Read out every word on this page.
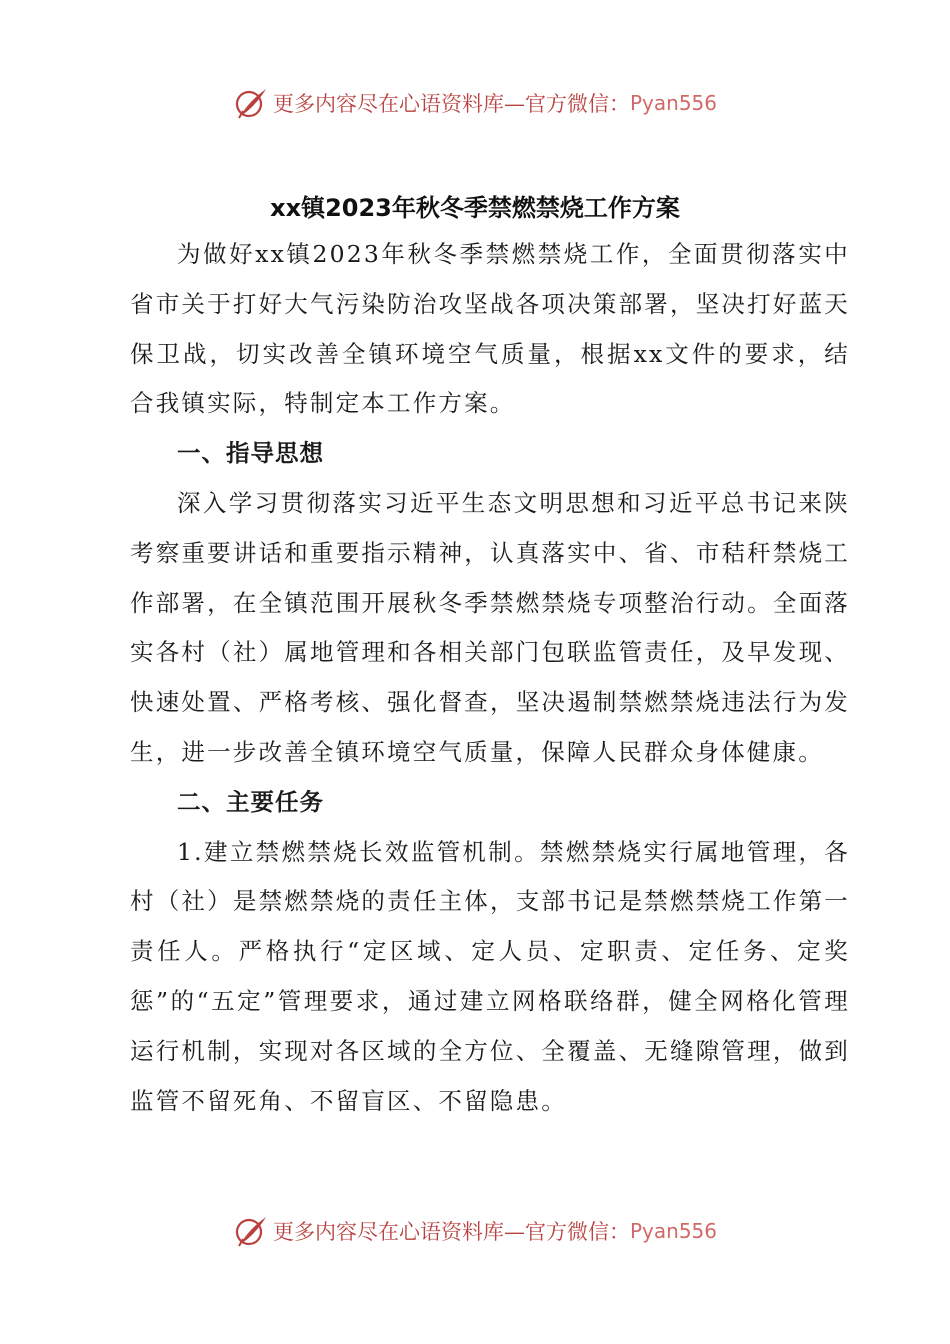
更多内容尽在心语资料库—官方微信： Pyan556
xx镇2023年秋冬季禁燃禁烧工作方案

为做好xx镇2023年秋冬季禁燃禁烧工作，全面贯彻落实中省市关于打好大气污染防治攻坚战各项决策部署，坚决打好蓝天保卫战，切实改善全镇环境空气质量，根据xx文件的要求，结合我镇实际，特制定本工作方案。

一、指导思想

深入学习贯彻落实习近平生态文明思想和习近平总书记来陕考察重要讲话和重要指示精神，认真落实中、省、市秸秆禁烧工作部署，在全镇范围开展秋冬季禁燃禁烧专项整治行动。全面落实各村（社）属地管理和各相关部门包联监管责任，及早发现、快速处置、严格考核、强化督查，坚决遏制禁燃禁烧违法行为发生，进一步改善全镇环境空气质量，保障人民群众身体健康。

二、主要任务

1.建立禁燃禁烧长效监管机制。禁燃禁烧实行属地管理，各村（社）是禁燃禁烧的责任主体，支部书记是禁燃禁烧工作第一责任人。严格执行“定区域、定人员、定职责、定任务、定奖惩”的“五定”管理要求，通过建立网格联络群，健全网格化管理运行机制，实现对各区域的全方位、全覆盖、无缝隙管理，做到监管不留死角、不留盲区、不留隐患。

更多内容尽在心语资料库—官方微信： Pyan556
